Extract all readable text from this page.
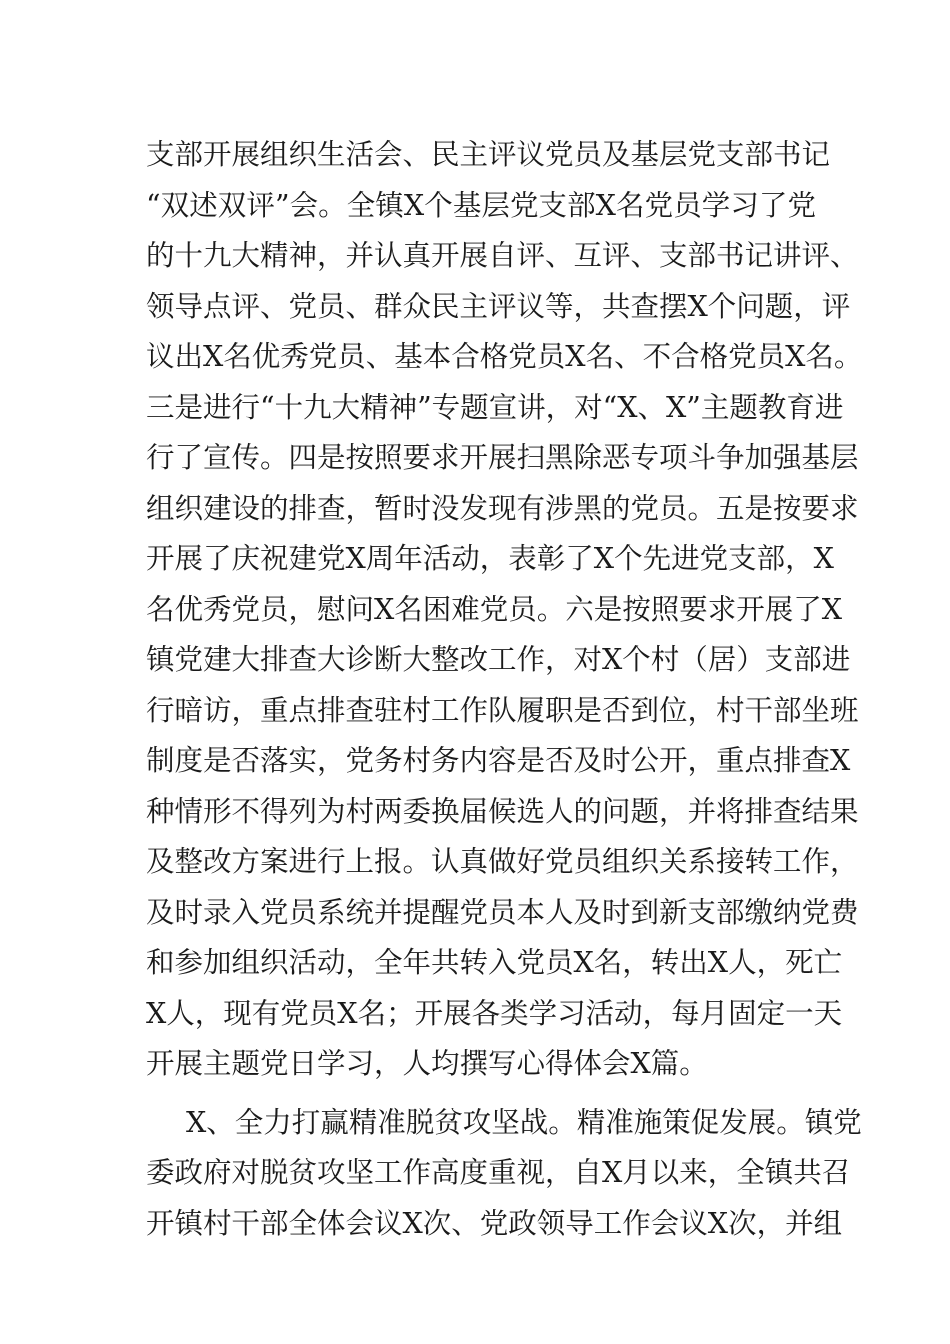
支部开展组织生活会、民主评议党员及基层党支部书记
“双述双评”会。全镇X个基层党支部X名党员学习了党
的十九大精神，并认真开展自评、互评、支部书记讲评、
领导点评、党员、群众民主评议等，共查摆X个问题，评
议出X名优秀党员、基本合格党员X名、不合格党员X名。
三是进行“十九大精神”专题宣讲，对“X、X”主题教育进
行了宣传。四是按照要求开展扫黑除恶专项斗争加强基层
组织建设的排查，暂时没发现有涉黑的党员。五是按要求
开展了庆祝建党X周年活动，表彰了X个先进党支部，X
名优秀党员，慰问X名困难党员。六是按照要求开展了X
镇党建大排查大诊断大整改工作，对X个村（居）支部进
行暗访，重点排查驻村工作队履职是否到位，村干部坐班
制度是否落实，党务村务内容是否及时公开，重点排查X
种情形不得列为村两委换届候选人的问题，并将排查结果
及整改方案进行上报。认真做好党员组织关系接转工作，
及时录入党员系统并提醒党员本人及时到新支部缴纳党费
和参加组织活动，全年共转入党员X名，转出X人，死亡
X人，现有党员X名；开展各类学习活动，每月固定一天
开展主题党日学习，人均撰写心得体会X篇。
X、全力打赢精准脱贫攻坚战。精准施策促发展。镇党
委政府对脱贫攻坚工作高度重视，自X月以来，全镇共召
开镇村干部全体会议X次、党政领导工作会议X次，并组
